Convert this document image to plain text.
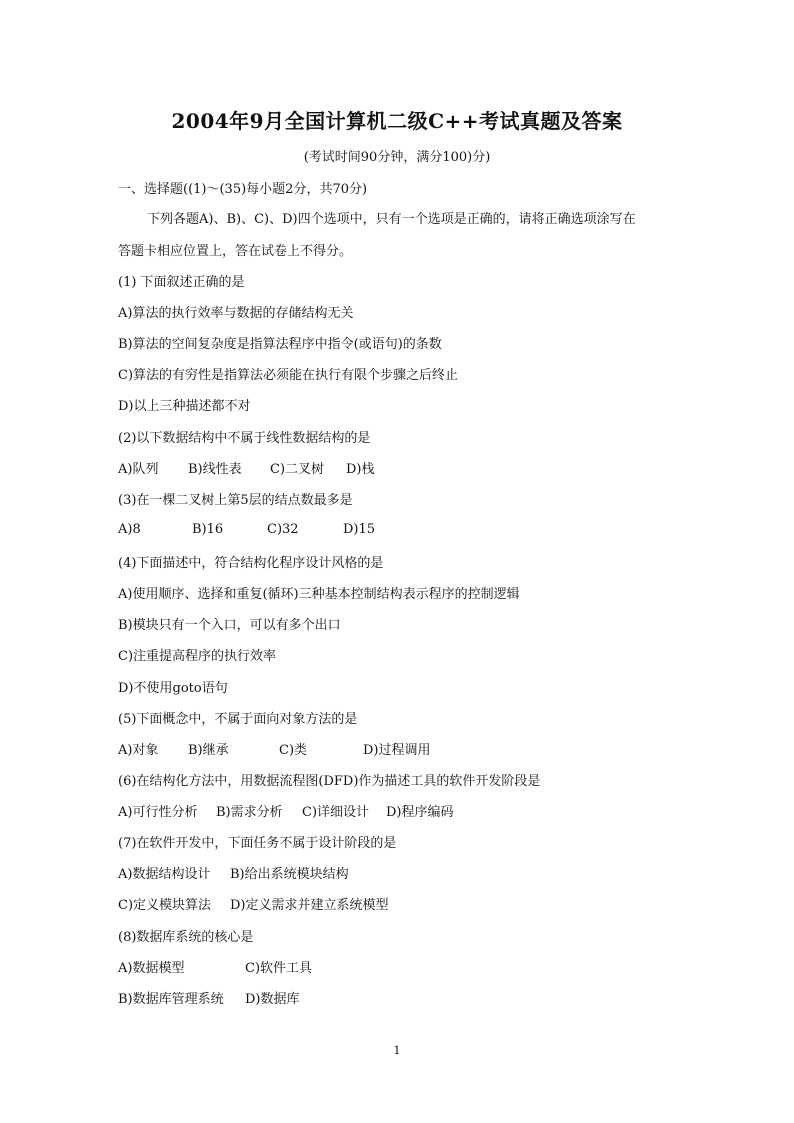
2004年9月全国计算机二级C++考试真题及答案
(考试时间90分钟，满分100)分)
一、选择题((1)～(35)每小题2分，共70分)
下列各题A)、B)、C)、D)四个选项中，只有一个选项是正确的，请将正确选项涂写在
答题卡相应位置上，答在试卷上不得分。
(1) 下面叙述正确的是
A)算法的执行效率与数据的存储结构无关
B)算法的空间复杂度是指算法程序中指令(或语句)的条数
C)算法的有穷性是指算法必须能在执行有限个步骤之后终止
D)以上三种描述都不对
(2)以下数据结构中不属于线性数据结构的是
A)队列 B)线性表 C)二叉树 D)栈
(3)在一棵二叉树上第5层的结点数最多是
A)8	B)16	C)32	D)15
(4)下面描述中，符合结构化程序设计风格的是
A)使用顺序、选择和重复(循环)三种基本控制结构表示程序的控制逻辑
B)模块只有一个入口，可以有多个出口
C)注重提高程序的执行效率
D)不使用goto语句
(5)下面概念中，不属于面向对象方法的是
A)对象 B)继承	C)类	D)过程调用
(6)在结构化方法中，用数据流程图(DFD)作为描述工具的软件开发阶段是
A)可行性分析 B)需求分析 C)详细设计 D)程序编码
(7)在软件开发中，下面任务不属于设计阶段的是
A)数据结构设计 B)给出系统模块结构
C)定义模块算法 D)定义需求并建立系统模型
(8)数据库系统的核心是
A)数据模型	C)软件工具
B)数据库管理系统 D)数据库
1
